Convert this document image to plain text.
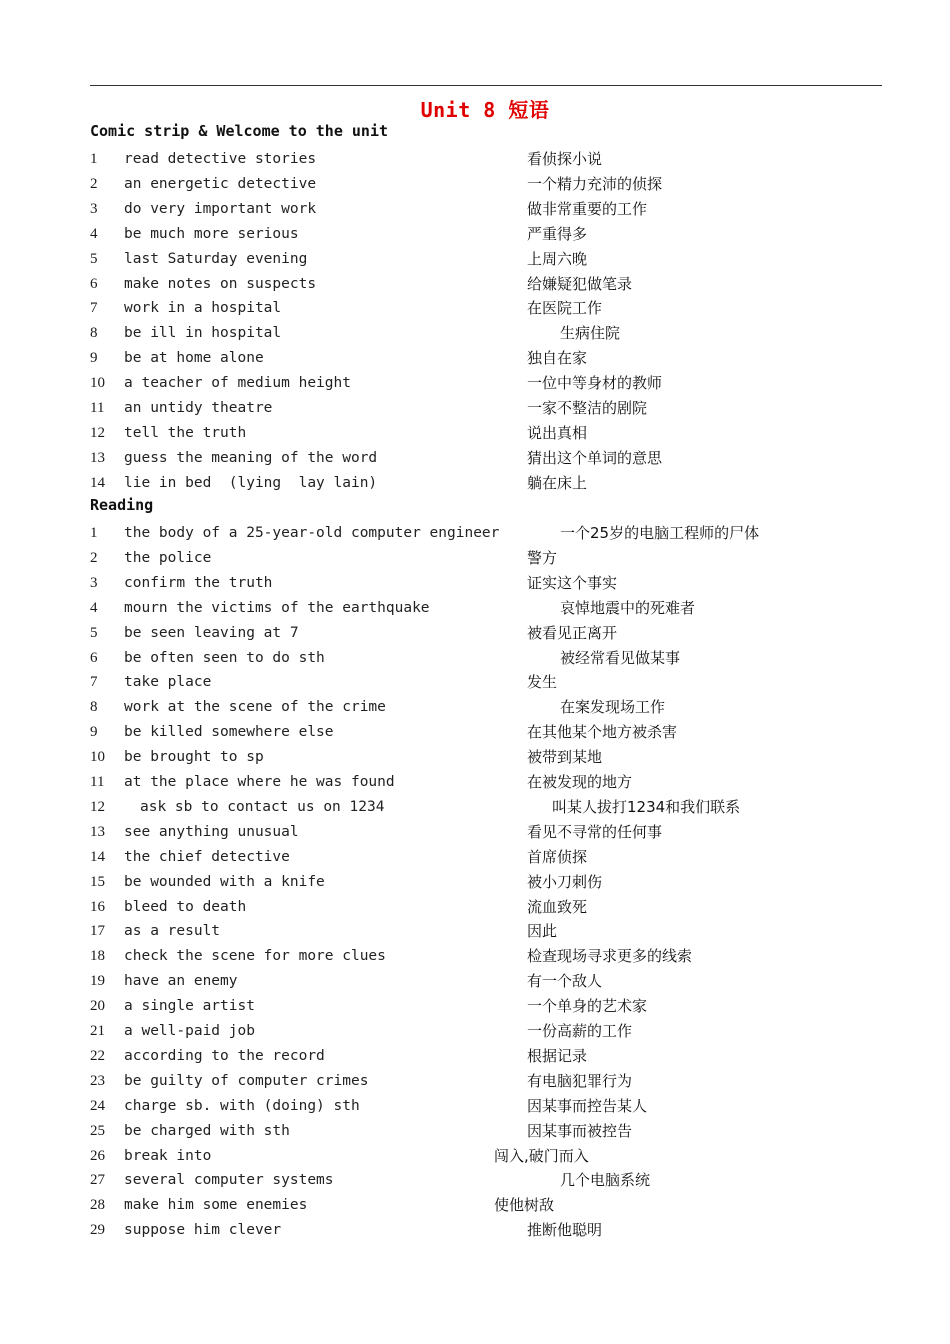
Unit 8 短语
Comic strip & Welcome to the unit
1 read detective stories	看侦探小说
2 an energetic detective	一个精力充沛的侦探
3 do very important work	做非常重要的工作
4 be much more serious	严重得多
5 last Saturday evening	上周六晚
6 make notes on suspects	给嫌疑犯做笔录
7 work in a hospital	在医院工作
8 be ill in hospital	生病住院
9 be at home alone	独自在家
10 a teacher of medium height	一位中等身材的教师
11 an untidy theatre	一家不整洁的剧院
12 tell the truth	说出真相
13 guess the meaning of the word	猜出这个单词的意思
14 lie in bed  (lying  lay lain)	躺在床上
Reading
1 the body of a 25-year-old computer engineer	一个25岁的电脑工程师的尸体
2 the police	警方
3 confirm the truth	证实这个事实
4 mourn the victims of the earthquake	哀悼地震中的死难者
5 be seen leaving at 7	被看见正离开
6 be often seen to do sth	被经常看见做某事
7 take place	发生
8 work at the scene of the crime	在案发现场工作
9 be killed somewhere else	在其他某个地方被杀害
10 be brought to sp	被带到某地
11 at the place where he was found	在被发现的地方
12 ask sb to contact us on 1234	叫某人拔打1234和我们联系
13 see anything unusual	看见不寻常的任何事
14 the chief detective	首席侦探
15 be wounded with a knife	被小刀刺伤
16 bleed to death	流血致死
17 as a result	因此
18 check the scene for more clues	检查现场寻求更多的线索
19 have an enemy	有一个敌人
20 a single artist	一个单身的艺术家
21 a well-paid job	一份高薪的工作
22 according to the record	根据记录
23 be guilty of computer crimes	有电脑犯罪行为
24 charge sb. with (doing) sth	因某事而控告某人
25 be charged with sth	因某事而被控告
26 break into	闯入,破门而入
27 several computer systems	几个电脑系统
28 make him some enemies	使他树敌
29 suppose him clever	推断他聪明
